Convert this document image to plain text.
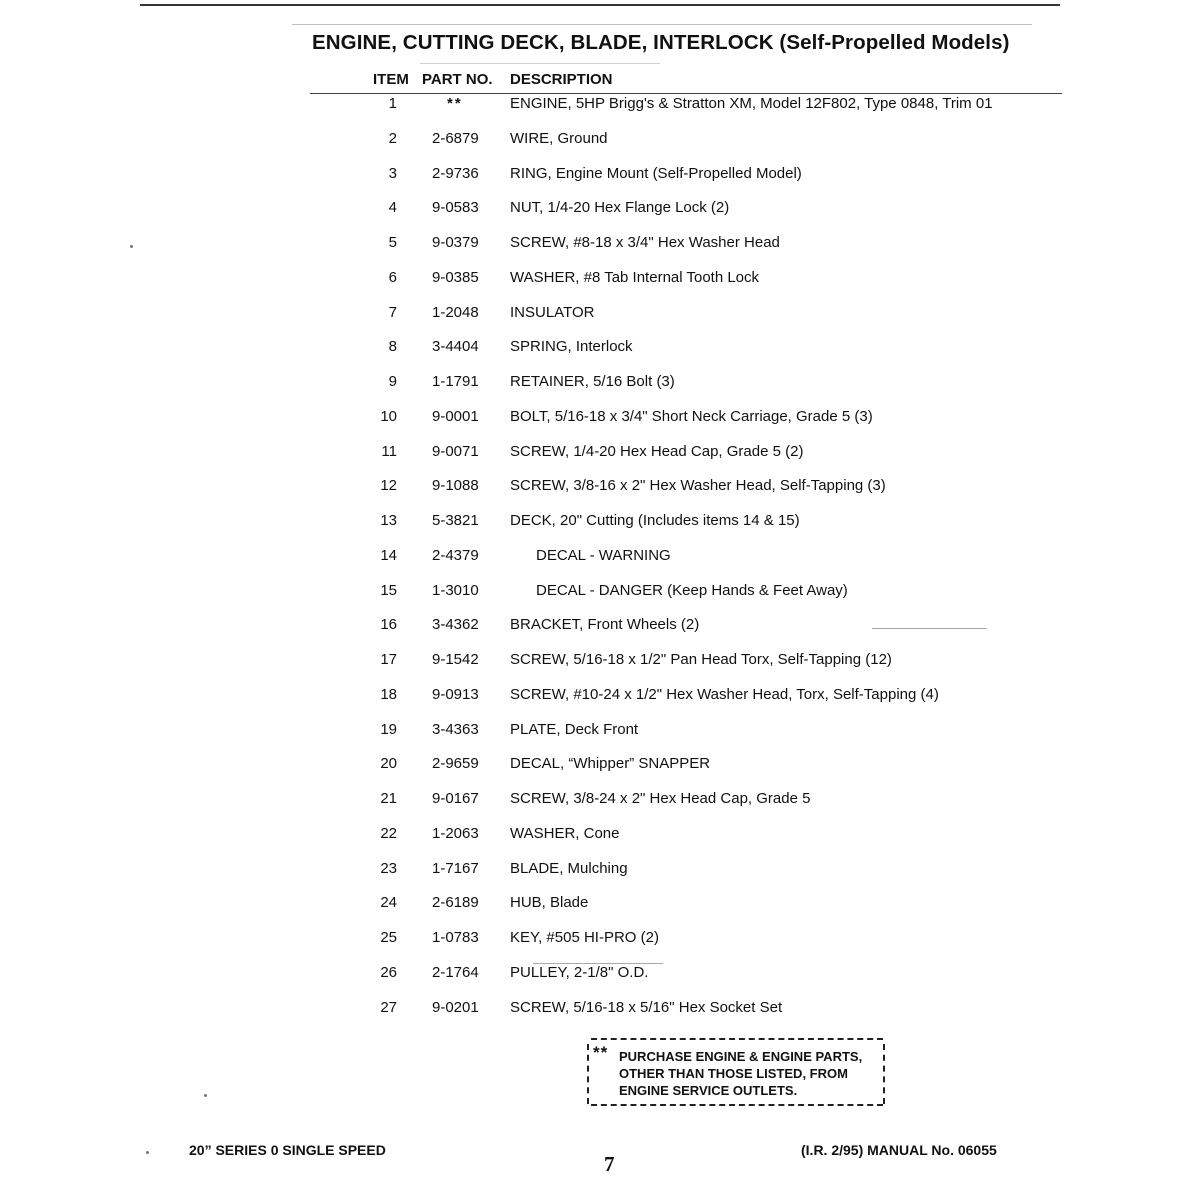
ENGINE, CUTTING DECK, BLADE, INTERLOCK (Self-Propelled Models)
ITEM PART NO. DESCRIPTION
1	**	ENGINE, 5HP Brigg's & Stratton XM, Model 12F802, Type 0848, Trim 01
2 2-6879 WIRE, Ground
3 2-9736 RING, Engine Mount (Self-Propelled Model)
4 9-0583 NUT, 1/4-20 Hex Flange Lock (2)
5 9-0379 SCREW, #8-18 x 3/4" Hex Washer Head
6 9-0385 WASHER, #8 Tab Internal Tooth Lock
7 1-2048 INSULATOR
8 3-4404 SPRING, Interlock
9 1-1791 RETAINER, 5/16 Bolt (3)
10 9-0001 BOLT, 5/16-18 x 3/4" Short Neck Carriage, Grade 5 (3)
11 9-0071 SCREW, 1/4-20 Hex Head Cap, Grade 5 (2)
12 9-1088 SCREW, 3/8-16 x 2" Hex Washer Head, Self-Tapping (3)
13 5-3821 DECK, 20" Cutting (Includes items 14 & 15)
14 2-4379	DECAL - WARNING
15 1-3010	DECAL - DANGER (Keep Hands & Feet Away)
16 3-4362 BRACKET, Front Wheels (2)
17 9-1542 SCREW, 5/16-18 x 1/2" Pan Head Torx, Self-Tapping (12)
18 9-0913 SCREW, #10-24 x 1/2" Hex Washer Head, Torx, Self-Tapping (4)
19 3-4363 PLATE, Deck Front
20 2-9659 DECAL, “Whipper” SNAPPER
21 9-0167 SCREW, 3/8-24 x 2" Hex Head Cap, Grade 5
22 1-2063 WASHER, Cone
23 1-7167 BLADE, Mulching
24 2-6189 HUB, Blade
25 1-0783 KEY, #505 HI-PRO (2)
26 2-1764 PULLEY, 2-1/8" O.D.
27 9-0201 SCREW, 5/16-18 x 5/16" Hex Socket Set
** PURCHASE ENGINE & ENGINE PARTS,
OTHER THAN THOSE LISTED, FROM
ENGINE SERVICE OUTLETS.
20” SERIES 0 SINGLE SPEED
7
(I.R. 2/95) MANUAL No. 06055
